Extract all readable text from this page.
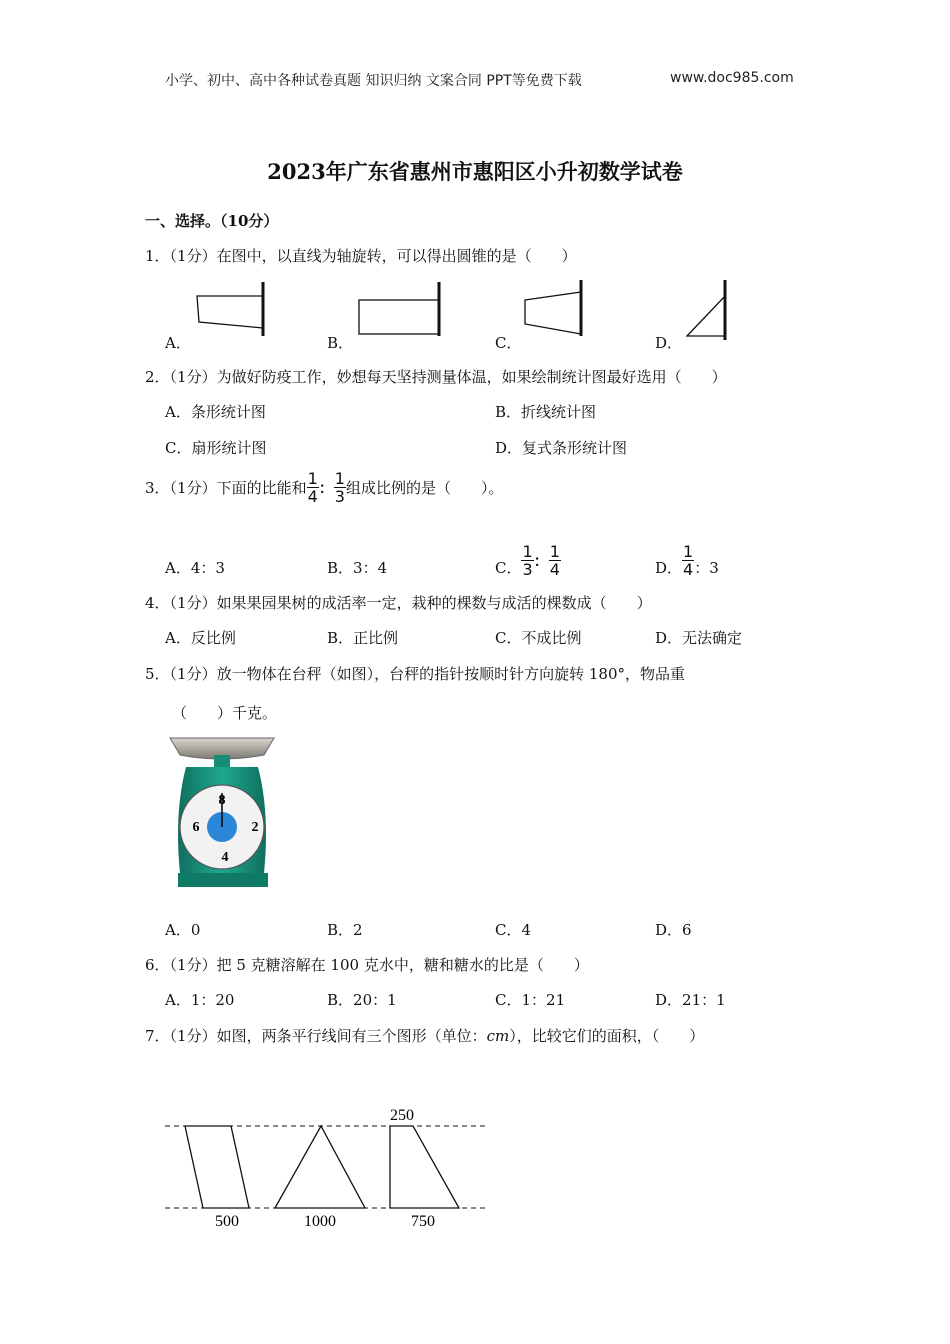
小学、初中、高中各种试卷真题 知识归纳 文案合同 PPT等免费下载	www.doc985.com
2023年广东省惠州市惠阳区小升初数学试卷
一、选择。（10分）
1．（1分）在图中，以直线为轴旋转，可以得出圆锥的是（　　）
A．	B．	C．	D．
2．（1分）为做好防疫工作，妙想每天坚持测量体温，如果绘制统计图最好选用（　　）
A．条形统计图	B．折线统计图
C．扇形统计图	D．复式条形统计图
3．（1分）下面的比能和 $\frac{1}{4}$ ： $\frac{1}{3}$ 组成比例的是（　　）。
A．4：3	B．3：4	C． $\frac{1}{3}$ ： $\frac{1}{4}$	D． $\frac{1}{4}$ ：3
4．（1分）如果果园果树的成活率一定，栽种的棵数与成活的棵数成（　　）
A．反比例	B．正比例	C．不成比例	D．无法确定
5．（1分）放一物体在台秤（如图），台秤的指针按顺时针方向旋转 180°，物品重
（　　）千克。
8
2
4
6
A．0	B．2	C．4	D．6
6．（1分）把 5 克糖溶解在 100 克水中，糖和糖水的比是（　　）
A．1：20	B．20：1	C．1：21	D．21：1
7．（1分）如图，两条平行线间有三个图形（单位：cm），比较它们的面积，（　　）
250
500	1000	750
